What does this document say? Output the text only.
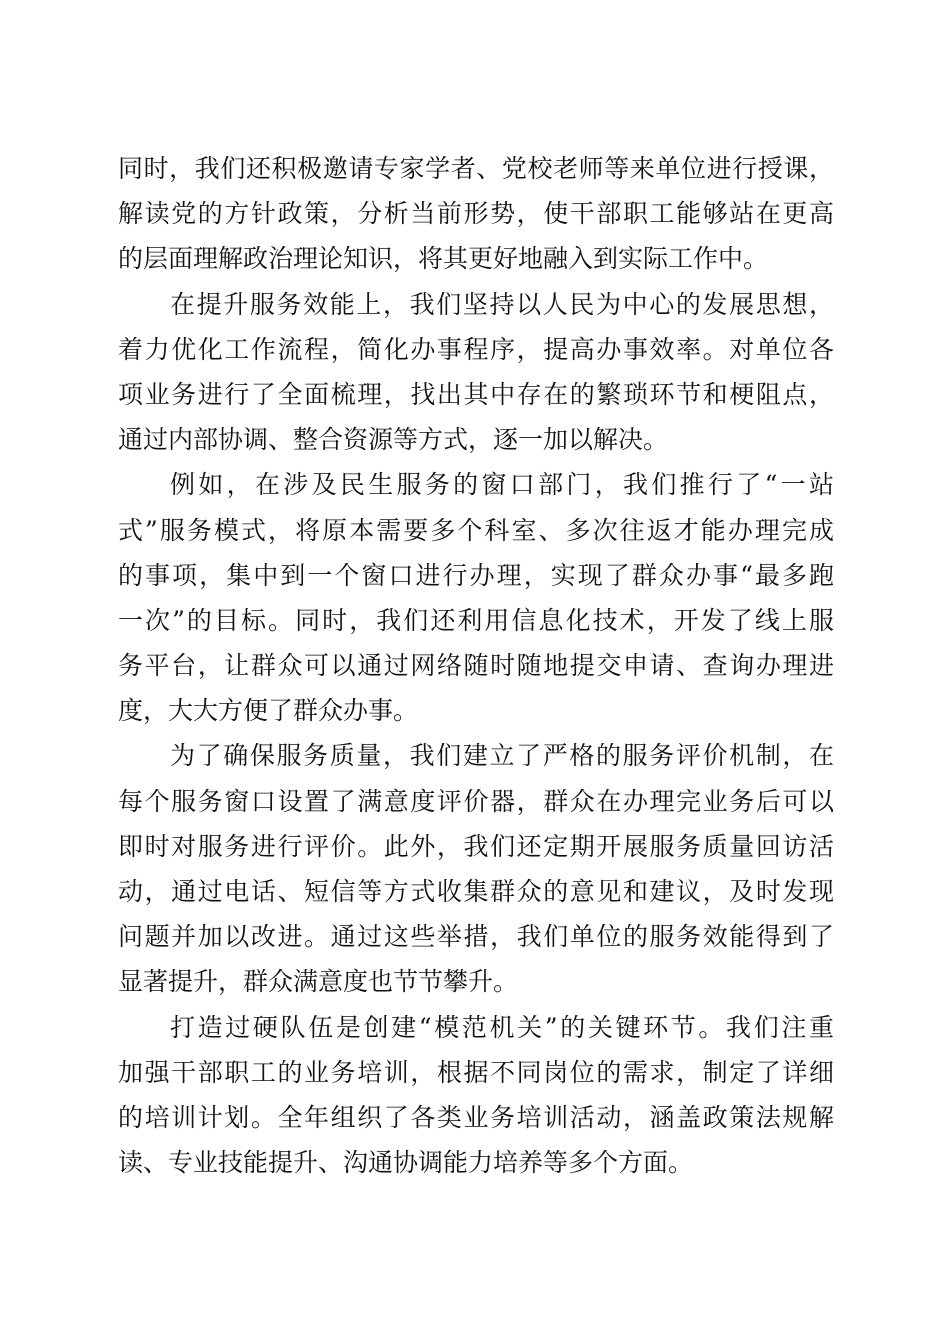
同时，我们还积极邀请专家学者、党校老师等来单位进行授课，
解读党的方针政策，分析当前形势，使干部职工能够站在更高
的层面理解政治理论知识，将其更好地融入到实际工作中。
在提升服务效能上，我们坚持以人民为中心的发展思想，
着力优化工作流程，简化办事程序，提高办事效率。对单位各
项业务进行了全面梳理，找出其中存在的繁琐环节和梗阻点，
通过内部协调、整合资源等方式，逐一加以解决。
例如，在涉及民生服务的窗口部门，我们推行了“一站
式”服务模式，将原本需要多个科室、多次往返才能办理完成
的事项，集中到一个窗口进行办理，实现了群众办事“最多跑
一次”的目标。同时，我们还利用信息化技术，开发了线上服
务平台，让群众可以通过网络随时随地提交申请、查询办理进
度，大大方便了群众办事。
为了确保服务质量，我们建立了严格的服务评价机制，在
每个服务窗口设置了满意度评价器，群众在办理完业务后可以
即时对服务进行评价。此外，我们还定期开展服务质量回访活
动，通过电话、短信等方式收集群众的意见和建议，及时发现
问题并加以改进。通过这些举措，我们单位的服务效能得到了
显著提升，群众满意度也节节攀升。
打造过硬队伍是创建“模范机关”的关键环节。我们注重
加强干部职工的业务培训，根据不同岗位的需求，制定了详细
的培训计划。全年组织了各类业务培训活动，涵盖政策法规解
读、专业技能提升、沟通协调能力培养等多个方面。
